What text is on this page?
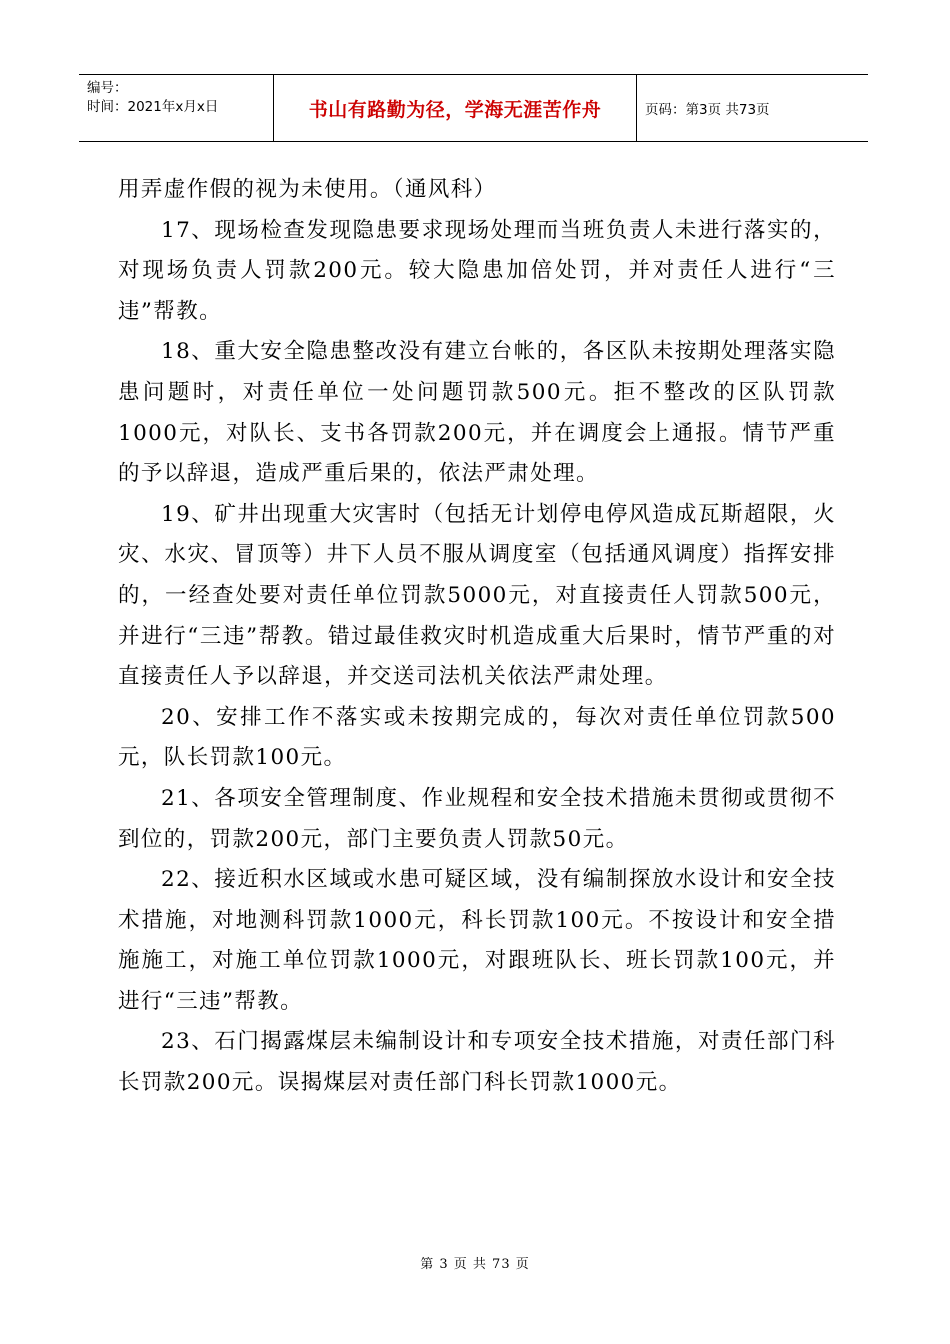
编号：
时间：2021年x月x日	书山有路勤为径，学海无涯苦作舟	页码：第3页 共73页

用弄虚作假的视为未使用。（通风科）

17、现场检查发现隐患要求现场处理而当班负责人未进行落实的，对现场负责人罚款200元。较大隐患加倍处罚，并对责任人进行“三违”帮教。

18、重大安全隐患整改没有建立台帐的，各区队未按期处理落实隐患问题时，对责任单位一处问题罚款500元。拒不整改的区队罚款1000元，对队长、支书各罚款200元，并在调度会上通报。情节严重的予以辞退，造成严重后果的，依法严肃处理。

19、矿井出现重大灾害时（包括无计划停电停风造成瓦斯超限，火灾、水灾、冒顶等）井下人员不服从调度室（包括通风调度）指挥安排的，一经查处要对责任单位罚款5000元，对直接责任人罚款500元，并进行“三违”帮教。错过最佳救灾时机造成重大后果时，情节严重的对直接责任人予以辞退，并交送司法机关依法严肃处理。

20、安排工作不落实或未按期完成的，每次对责任单位罚款500元，队长罚款100元。

21、各项安全管理制度、作业规程和安全技术措施未贯彻或贯彻不到位的，罚款200元，部门主要负责人罚款50元。

22、接近积水区域或水患可疑区域，没有编制探放水设计和安全技术措施，对地测科罚款1000元，科长罚款100元。不按设计和安全措施施工，对施工单位罚款1000元，对跟班队长、班长罚款100元，并进行“三违”帮教。

23、石门揭露煤层未编制设计和专项安全技术措施，对责任部门科长罚款200元。误揭煤层对责任部门科长罚款1000元。

第 3 页 共 73 页
